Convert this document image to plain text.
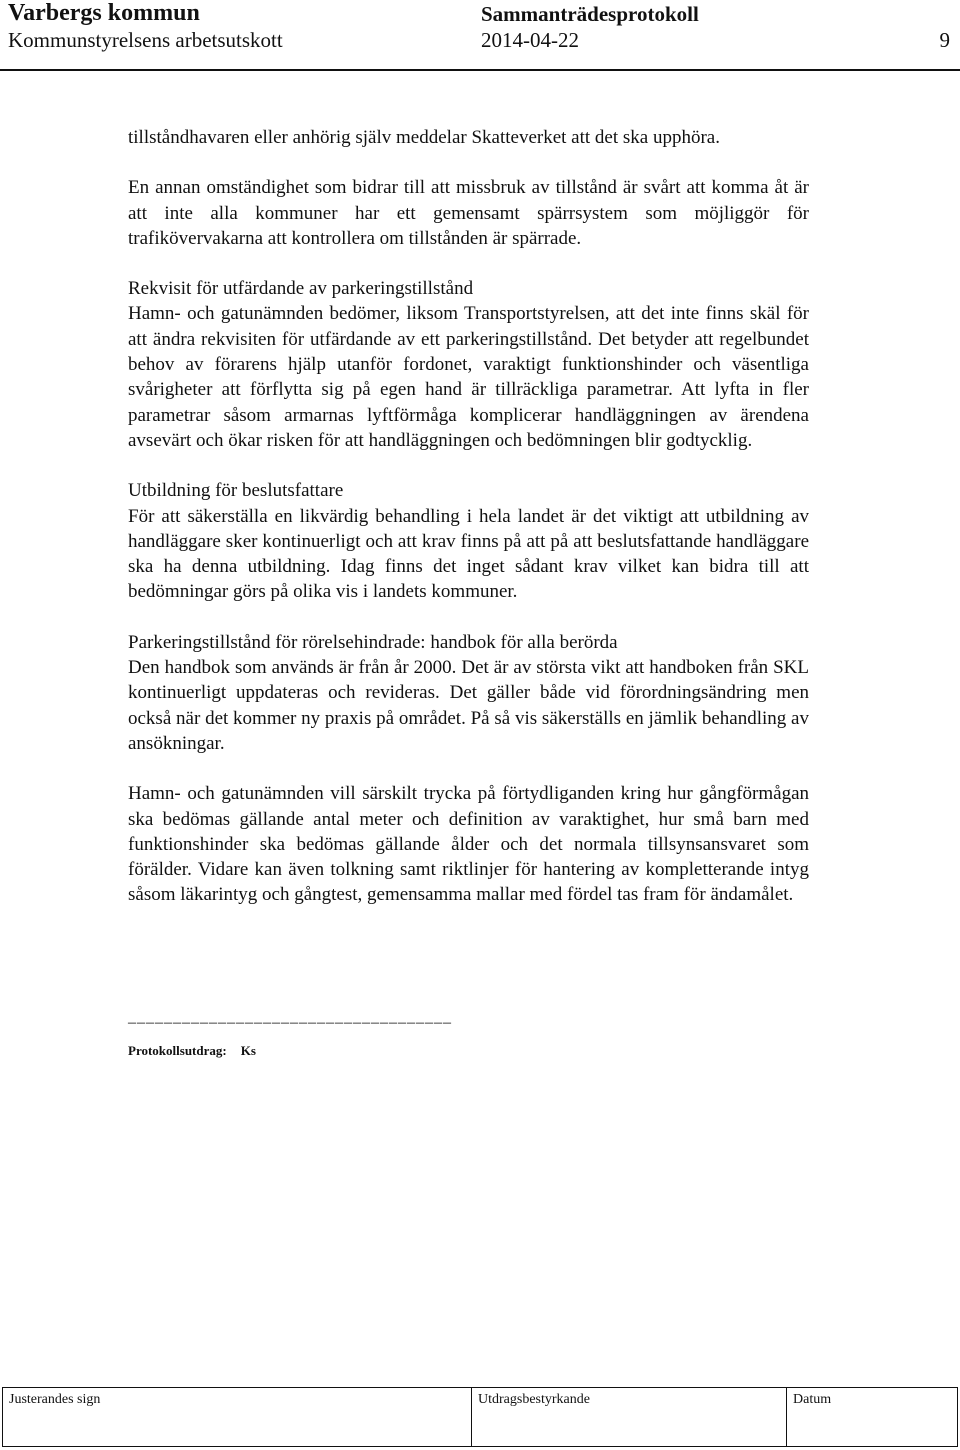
Varbergs kommun	Sammanträdesprotokoll
Kommunstyrelsens arbetsutskott	2014-04-22	9

tillståndhavaren eller anhörig själv meddelar Skatteverket att det ska upphöra.

En annan omständighet som bidrar till att missbruk av tillstånd är svårt att komma åt är att inte alla kommuner har ett gemensamt spärrsystem som möjliggör för trafikövervakarna att kontrollera om tillstånden är spärrade.

Rekvisit för utfärdande av parkeringstillstånd

Hamn- och gatunämnden bedömer, liksom Transportstyrelsen, att det inte finns skäl för att ändra rekvisiten för utfärdande av ett parkeringstillstånd. Det betyder att regelbundet behov av förarens hjälp utanför fordonet, varaktigt funktionshinder och väsentliga svårigheter att förflytta sig på egen hand är tillräckliga parametrar. Att lyfta in fler parametrar såsom armarnas lyftförmåga komplicerar handläggningen av ärendena avsevärt och ökar risken för att handläggningen och bedömningen blir godtycklig.

Utbildning för beslutsfattare

För att säkerställa en likvärdig behandling i hela landet är det viktigt att utbildning av handläggare sker kontinuerligt och att krav finns på att på att beslutsfattande handläggare ska ha denna utbildning. Idag finns det inget sådant krav vilket kan bidra till att bedömningar görs på olika vis i landets kommuner.

Parkeringstillstånd för rörelsehindrade: handbok för alla berörda

Den handbok som används är från år 2000. Det är av största vikt att handboken från SKL kontinuerligt uppdateras och revideras. Det gäller både vid förordningsändring men också när det kommer ny praxis på området. På så vis säkerställs en jämlik behandling av ansökningar.

Hamn- och gatunämnden vill särskilt trycka på förtydliganden kring hur gångförmågan ska bedömas gällande antal meter och definition av varaktighet, hur små barn med funktionshinder ska bedömas gällande ålder och det normala tillsynsansvaret som förälder. Vidare kan även tolkning samt riktlinjer för hantering av kompletterande intyg såsom läkarintyg och gångtest, gemensamma mallar med fördel tas fram för ändamålet.

––––––––––––––––––––––––––––––––––––
Protokollsutdrag: Ks
Justerandes sign	Utdragsbestyrkande	Datum
